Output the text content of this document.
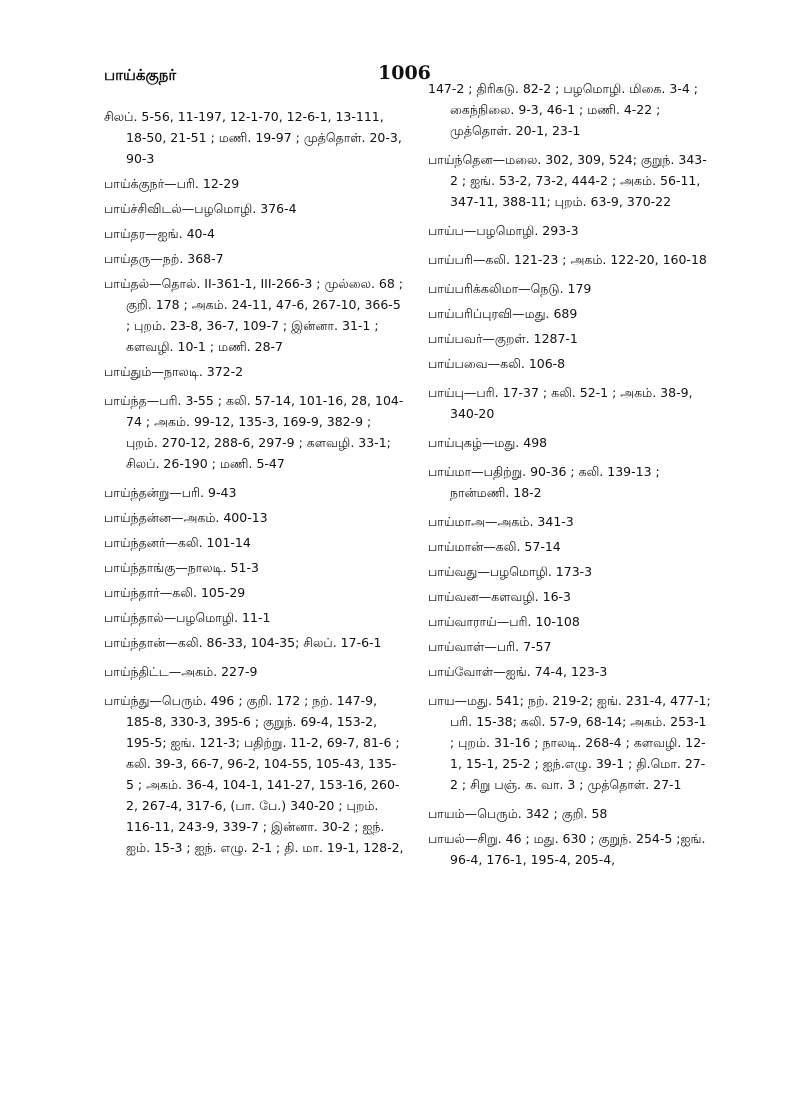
பாய்க்குநர்	1006
சிலப். 5-56, 11-197, 12-1-70, 12-6-1, 13-111, 18-50, 21-51 ; மணி. 19-97 ; முத்தொள். 20-3, 90-3
பாய்க்குநர்—பரி. 12-29
பாய்ச்சிவிடல்—பழமொழி. 376-4
பாய்தர—ஐங். 40-4
பாய்தரு—நற். 368-7
பாய்தல்—தொல். II-361-1, III-266-3 ; முல்லை. 68 ; குறி. 178 ; அகம். 24-11, 47-6, 267-10, 366-5 ; புறம். 23-8, 36-7, 109-7 ; இன்னா. 31-1 ; களவழி. 10-1 ; மணி. 28-7
பாய்தும்—நாலடி. 372-2
பாய்ந்த—பரி. 3-55 ; கலி. 57-14, 101-16, 28, 104-74 ; அகம். 99-12, 135-3, 169-9, 382-9 ; புறம். 270-12, 288-6, 297-9 ; களவழி. 33-1; சிலப். 26-190 ; மணி. 5-47
பாய்ந்தன்று—பரி. 9-43
பாய்ந்தன்ன—அகம். 400-13
பாய்ந்தனர்—கலி. 101-14
பாய்ந்தாங்கு—நாலடி. 51-3
பாய்ந்தார்—கலி. 105-29
பாய்ந்தால்—பழமொழி. 11-1
பாய்ந்தான்—கலி. 86-33, 104-35; சிலப். 17-6-1
பாய்ந்திட்ட—அகம். 227-9
பாய்ந்து—பெரும். 496 ; குறி. 172 ; நற். 147-9, 185-8, 330-3, 395-6 ; குறுந். 69-4, 153-2, 195-5; ஐங். 121-3; பதிற்று. 11-2, 69-7, 81-6 ; கலி. 39-3, 66-7, 96-2, 104-55, 105-43, 135-5 ; அகம். 36-4, 104-1, 141-27, 153-16, 260-2, 267-4, 317-6, (பா. பே.) 340-20 ; புறம். 116-11, 243-9, 339-7 ; இன்னா. 30-2 ; ஐந். ஐம். 15-3 ; ஐந். எழு. 2-1 ; தி. மா. 19-1, 128-2,
147-2 ; திரிகடு. 82-2 ; பழமொழி. மிகை. 3-4 ; கைந்நிலை. 9-3, 46-1 ; மணி. 4-22 ; முத்தொள். 20-1, 23-1
பாய்ந்தென—மலை. 302, 309, 524; குறுந். 343-2 ; ஐங். 53-2, 73-2, 444-2 ; அகம். 56-11, 347-11, 388-11; புறம். 63-9, 370-22
பாய்ப—பழமொழி. 293-3
பாய்பரி—கலி. 121-23 ; அகம். 122-20, 160-18
பாய்பரிக்கலிமா—நெடு. 179
பாய்பரிப்புரவி—மது. 689
பாய்பவர்—குறள். 1287-1
பாய்பவை—கலி. 106-8
பாய்பு—பரி. 17-37 ; கலி. 52-1 ; அகம். 38-9, 340-20
பாய்புகழ்—மது. 498
பாய்மா—பதிற்று. 90-36 ; கலி. 139-13 ; நான்மணி. 18-2
பாய்மாஅ—அகம். 341-3
பாய்மான்—கலி. 57-14
பாய்வது—பழமொழி. 173-3
பாய்வன—களவழி. 16-3
பாய்வாராய்—பரி. 10-108
பாய்வாள்—பரி. 7-57
பாய்வோள்—ஐங். 74-4, 123-3
பாய—மது. 541; நற். 219-2; ஐங். 231-4, 477-1; பரி. 15-38; கலி. 57-9, 68-14; அகம். 253-1 ; புறம். 31-16 ; நாலடி. 268-4 ; களவழி. 12-1, 15-1, 25-2 ; ஐந்.எழு. 39-1 ; தி.மொ. 27-2 ; சிறு பஞ். க. வா. 3 ; முத்தொள். 27-1
பாயம்—பெரும். 342 ; குறி. 58
பாயல்—சிறு. 46 ; மது. 630 ; குறுந். 254-5 ;ஐங். 96-4, 176-1, 195-4, 205-4,
